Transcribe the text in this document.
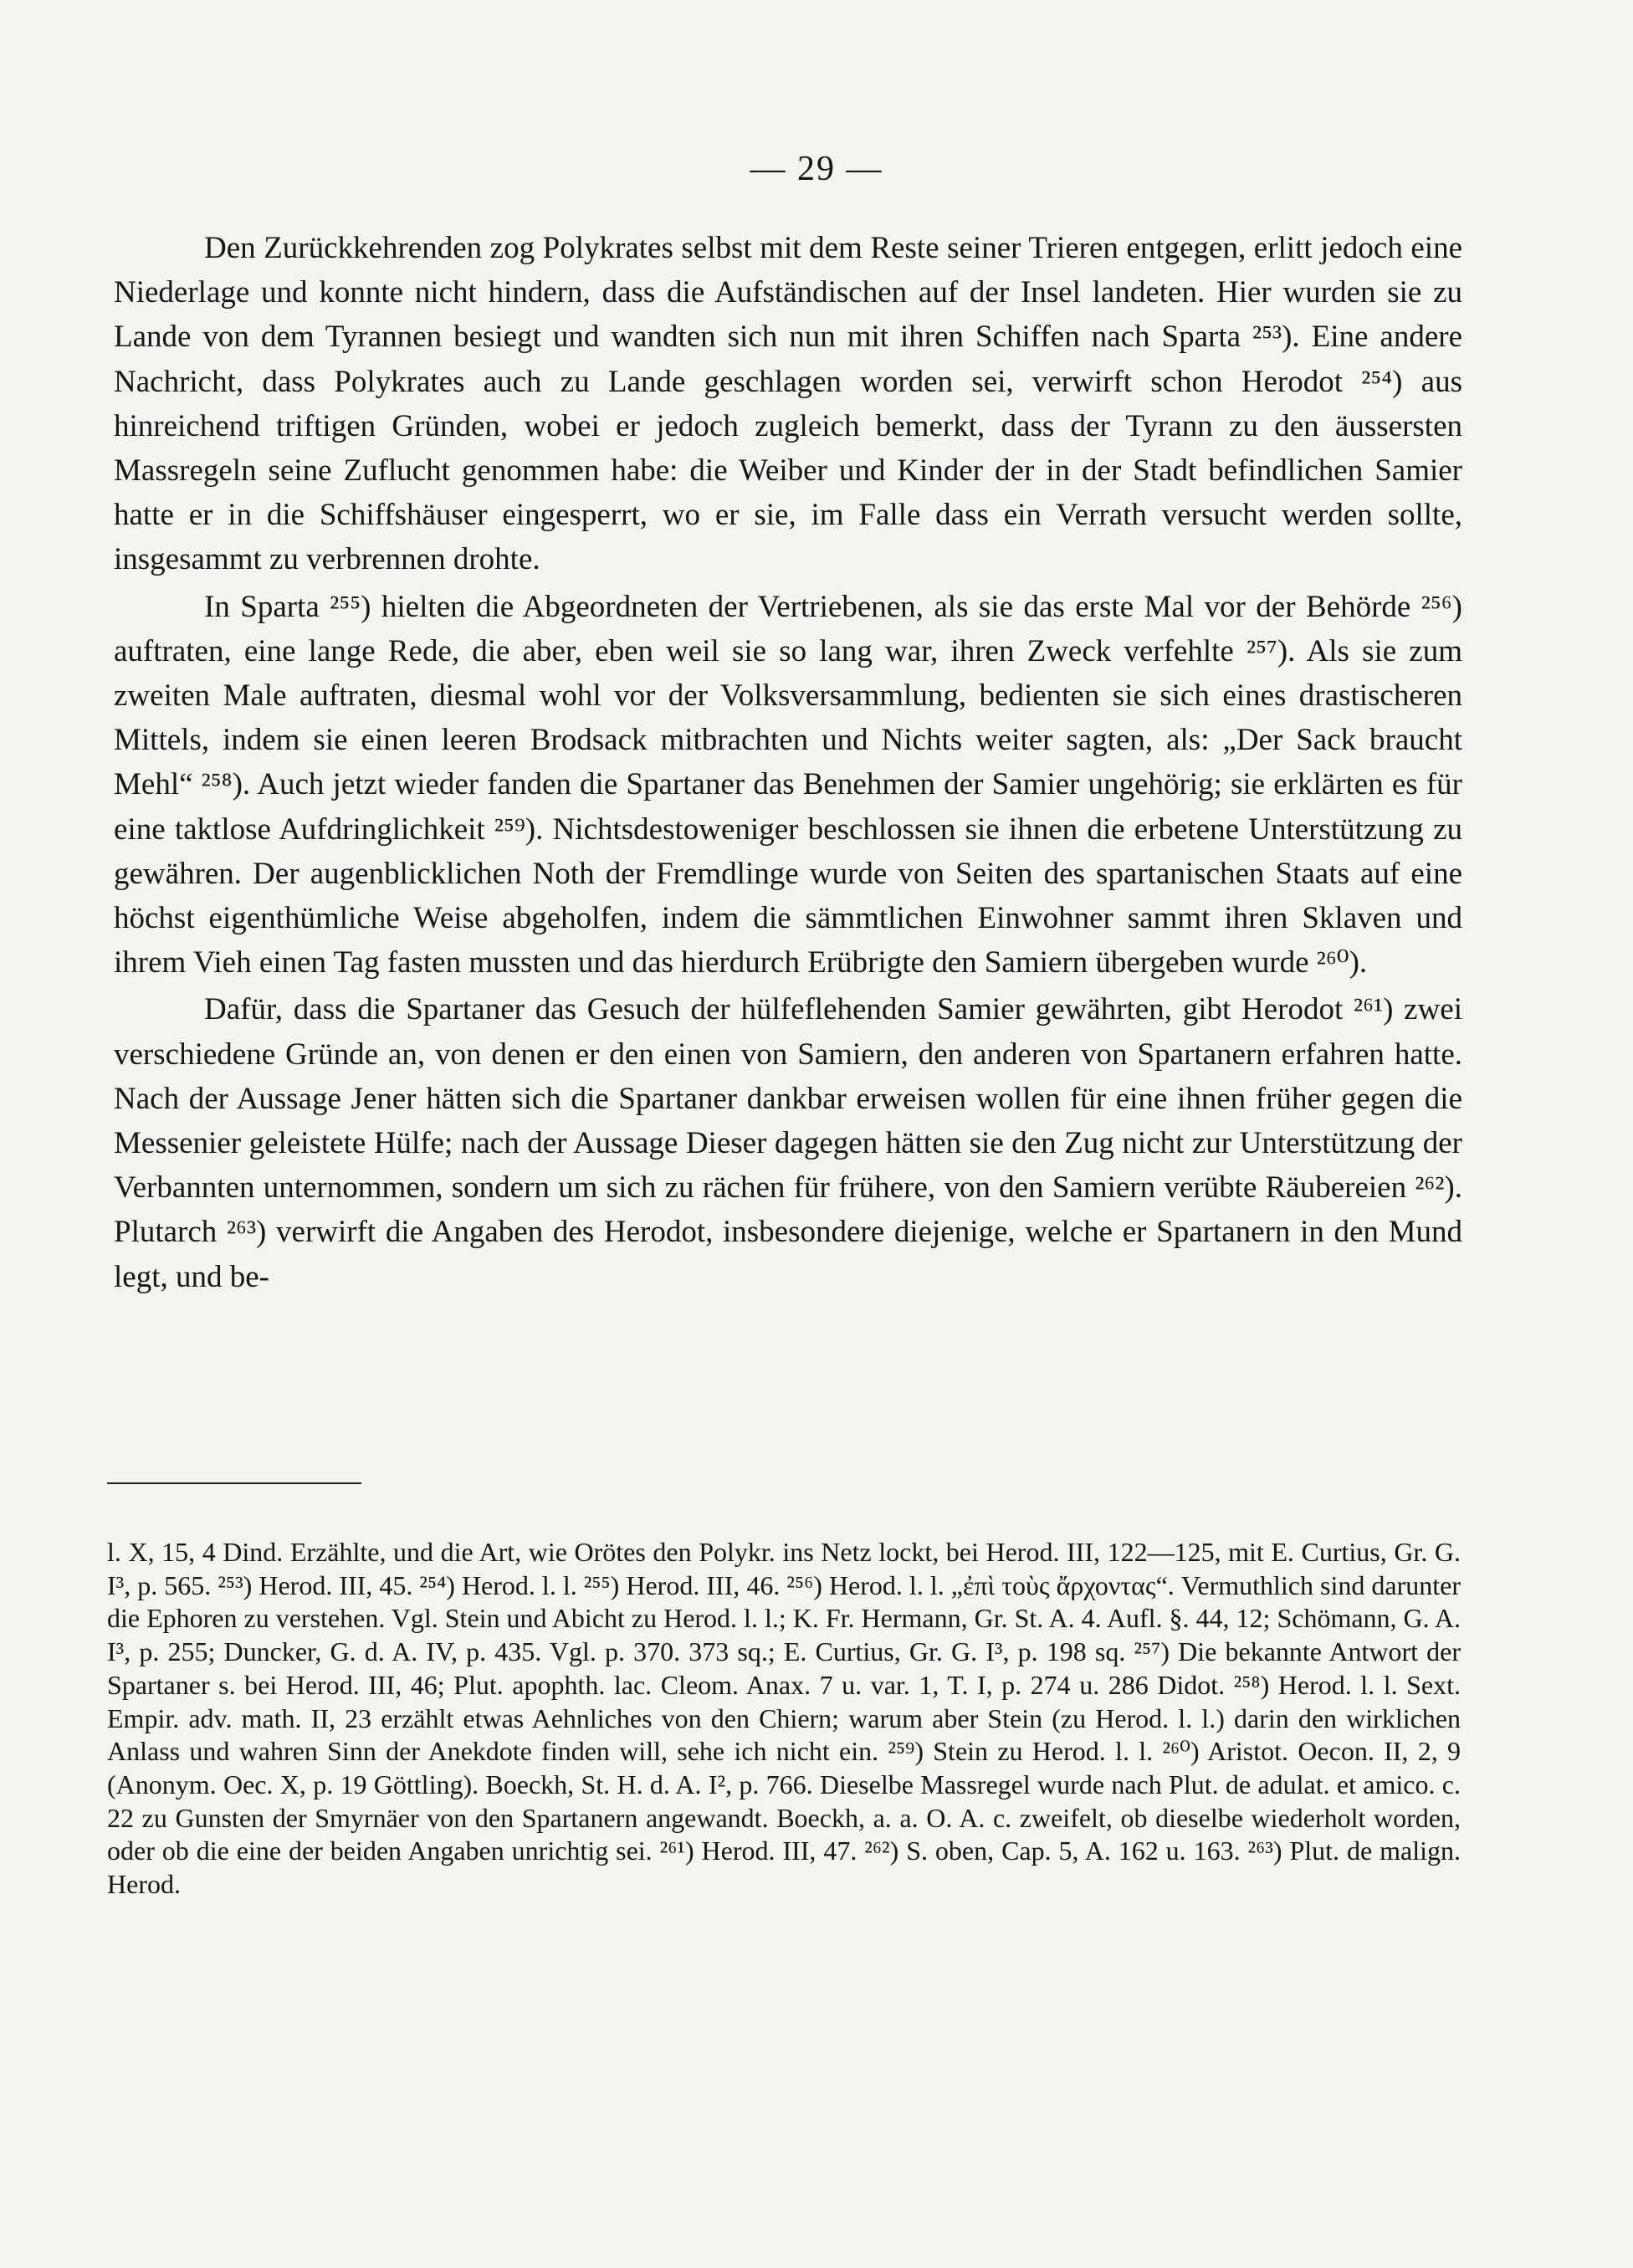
— 29 —

Den Zurückkehrenden zog Polykrates selbst mit dem Reste seiner Trieren entgegen, erlitt jedoch eine Niederlage und konnte nicht hindern, dass die Aufständischen auf der Insel landeten. Hier wurden sie zu Lande von dem Tyrannen besiegt und wandten sich nun mit ihren Schiffen nach Sparta ²⁵³). Eine andere Nachricht, dass Polykrates auch zu Lande geschlagen worden sei, verwirft schon Herodot ²⁵⁴) aus hinreichend triftigen Gründen, wobei er jedoch zugleich bemerkt, dass der Tyrann zu den äussersten Massregeln seine Zuflucht genommen habe: die Weiber und Kinder der in der Stadt befindlichen Samier hatte er in die Schiffshäuser eingesperrt, wo er sie, im Falle dass ein Verrath versucht werden sollte, insgesammt zu verbrennen drohte.

In Sparta ²⁵⁵) hielten die Abgeordneten der Vertriebenen, als sie das erste Mal vor der Behörde ²⁵⁶) auftraten, eine lange Rede, die aber, eben weil sie so lang war, ihren Zweck verfehlte ²⁵⁷). Als sie zum zweiten Male auftraten, diesmal wohl vor der Volksversammlung, bedienten sie sich eines drastischeren Mittels, indem sie einen leeren Brodsack mitbrachten und Nichts weiter sagten, als: „Der Sack braucht Mehl“ ²⁵⁸). Auch jetzt wieder fanden die Spartaner das Benehmen der Samier ungehörig; sie erklärten es für eine taktlose Aufdringlichkeit ²⁵⁹). Nichtsdestoweniger beschlossen sie ihnen die erbetene Unterstützung zu gewähren. Der augenblicklichen Noth der Fremdlinge wurde von Seiten des spartanischen Staats auf eine höchst eigenthümliche Weise abgeholfen, indem die sämmtlichen Einwohner sammt ihren Sklaven und ihrem Vieh einen Tag fasten mussten und das hierdurch Erübrigte den Samiern übergeben wurde ²⁶⁰).

Dafür, dass die Spartaner das Gesuch der hülfeflehenden Samier gewährten, gibt Herodot ²⁶¹) zwei verschiedene Gründe an, von denen er den einen von Samiern, den anderen von Spartanern erfahren hatte. Nach der Aussage Jener hätten sich die Spartaner dankbar erweisen wollen für eine ihnen früher gegen die Messenier geleistete Hülfe; nach der Aussage Dieser dagegen hätten sie den Zug nicht zur Unterstützung der Verbannten unternommen, sondern um sich zu rächen für frühere, von den Samiern verübte Räubereien ²⁶²). Plutarch ²⁶³) verwirft die Angaben des Herodot, insbesondere diejenige, welche er Spartanern in den Mund legt, und be-

l. X, 15, 4 Dind. Erzählte, und die Art, wie Orötes den Polykr. ins Netz lockt, bei Herod. III, 122—125, mit E. Curtius, Gr. G. I³, p. 565. ²⁵³) Herod. III, 45. ²⁵⁴) Herod. l. l. ²⁵⁵) Herod. III, 46. ²⁵⁶) Herod. l. l. „ἐπὶ τοὺς ἄρχοντας“. Vermuthlich sind darunter die Ephoren zu verstehen. Vgl. Stein und Abicht zu Herod. l. l.; K. Fr. Hermann, Gr. St. A. 4. Aufl. §. 44, 12; Schömann, G. A. I³, p. 255; Duncker, G. d. A. IV, p. 435. Vgl. p. 370. 373 sq.; E. Curtius, Gr. G. I³, p. 198 sq. ²⁵⁷) Die bekannte Antwort der Spartaner s. bei Herod. III, 46; Plut. apophth. lac. Cleom. Anax. 7 u. var. 1, T. I, p. 274 u. 286 Didot. ²⁵⁸) Herod. l. l. Sext. Empir. adv. math. II, 23 erzählt etwas Aehnliches von den Chiern; warum aber Stein (zu Herod. l. l.) darin den wirklichen Anlass und wahren Sinn der Anekdote finden will, sehe ich nicht ein. ²⁵⁹) Stein zu Herod. l. l. ²⁶⁰) Aristot. Oecon. II, 2, 9 (Anonym. Oec. X, p. 19 Göttling). Boeckh, St. H. d. A. I², p. 766. Dieselbe Massregel wurde nach Plut. de adulat. et amico. c. 22 zu Gunsten der Smyrnäer von den Spartanern angewandt. Boeckh, a. a. O. A. c. zweifelt, ob dieselbe wiederholt worden, oder ob die eine der beiden Angaben unrichtig sei. ²⁶¹) Herod. III, 47. ²⁶²) S. oben, Cap. 5, A. 162 u. 163. ²⁶³) Plut. de malign. Herod.
